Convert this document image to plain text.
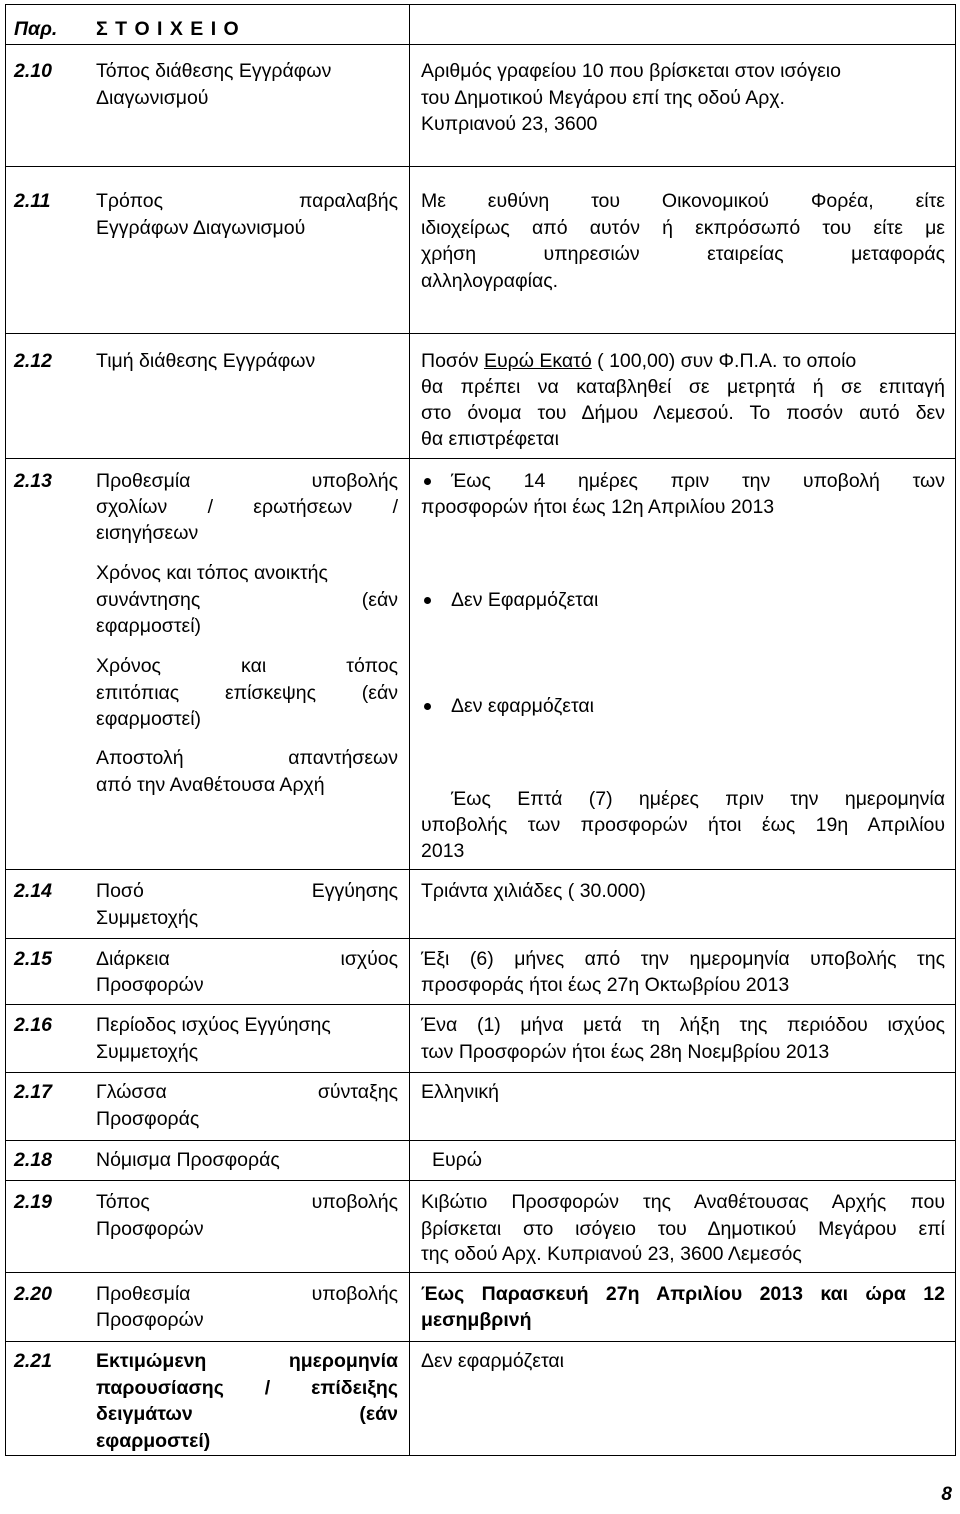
Παρ. Σ Τ Ο Ι Χ Ε Ι Ο
2.10 Τόπος διάθεσης Εγγράφων
Διαγωνισμού
Αριθμός γραφείου 10 που βρίσκεται στον ισόγειο
του Δημοτικού Μεγάρου επί της οδού Αρχ.
Κυπριανού 23, 3600
2.11 Τρόπος παραλαβής
Εγγράφων Διαγωνισμού
Με ευθύνη του Οικονομικού Φορέα, είτε
ιδιοχείρως από αυτόν ή εκπρόσωπό του είτε με
χρήση υπηρεσιών εταιρείας μεταφοράς
αλληλογραφίας.
2.12 Τιμή διάθεσης Εγγράφων	Ποσόν Ευρώ Εκατό ( 100,00) συν Φ.Π.Α. το οποίο
θα πρέπει να καταβληθεί σε μετρητά ή σε επιταγή
στο όνομα του Δήμου Λεμεσού. Το ποσόν αυτό δεν
θα επιστρέφεται
2.13 Προθεσμία υποβολής
σχολίων / ερωτήσεων /
εισηγήσεων
Έως 14 ημέρες πριν την υποβολή των
προσφορών ήτοι έως 12η Απριλίου 2013
Χρόνος και τόπος ανοικτής
συνάντησης (εάν
εφαρμοστεί)
Δεν Εφαρμόζεται
Χρόνος και τόπος
επιτόπιας επίσκεψης (εάν
εφαρμοστεί)
Δεν εφαρμόζεται
Αποστολή απαντήσεων
από την Αναθέτουσα Αρχή
Έως Επτά (7) ημέρες πριν την ημερομηνία
υποβολής των προσφορών ήτοι έως 19η Απριλίου
2013
2.14 Ποσό Εγγύησης
Συμμετοχής
Τριάντα χιλιάδες ( 30.000)
2.15 Διάρκεια ισχύος
Προσφορών
Έξι (6) μήνες από την ημερομηνία υποβολής της
προσφοράς ήτοι έως 27η Οκτωβρίου 2013
2.16 Περίοδος ισχύος Εγγύησης
Συμμετοχής
Ένα (1) μήνα μετά τη λήξη της περιόδου ισχύος
των Προσφορών ήτοι έως 28η Νοεμβρίου 2013
2.17 Γλώσσα σύνταξης
Προσφοράς
Ελληνική
2.18 Νόμισμα Προσφοράς	Ευρώ
2.19 Τόπος υποβολής
Προσφορών
Κιβώτιο Προσφορών της Αναθέτουσας Αρχής που
βρίσκεται στο ισόγειο του Δημοτικού Μεγάρου επί
της οδού Αρχ. Κυπριανού 23, 3600 Λεμεσός
2.20 Προθεσμία υποβολής
Προσφορών
Έως Παρασκευή 27η Απριλίου 2013 και ώρα 12
μεσημβρινή
2.21 Εκτιμώμενη ημερομηνία
παρουσίασης / επίδειξης
δειγμάτων (εάν
εφαρμοστεί)
Δεν εφαρμόζεται
8
